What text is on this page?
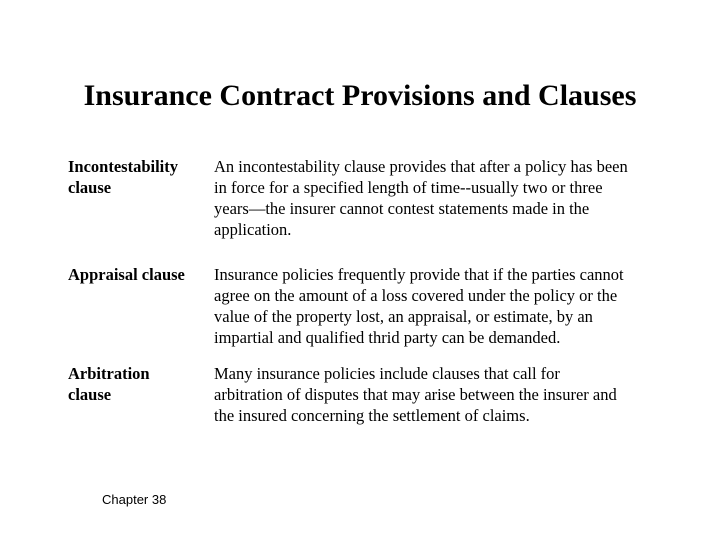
Insurance Contract Provisions and Clauses
Incontestability
clause
An incontestability clause provides that after a policy has been
in force for a specified length of time--usually two or three
years—the insurer cannot contest statements made in the
application.
Appraisal clause	Insurance policies frequently provide that if the parties cannot
agree on the amount of a loss covered under the policy or the
value of the property lost, an appraisal, or estimate, by an
impartial and qualified thrid party can be demanded.
Arbitration
clause
Many insurance policies include clauses that call for
arbitration of disputes that may arise between the insurer and
the insured concerning the settlement of claims.
Chapter 38
